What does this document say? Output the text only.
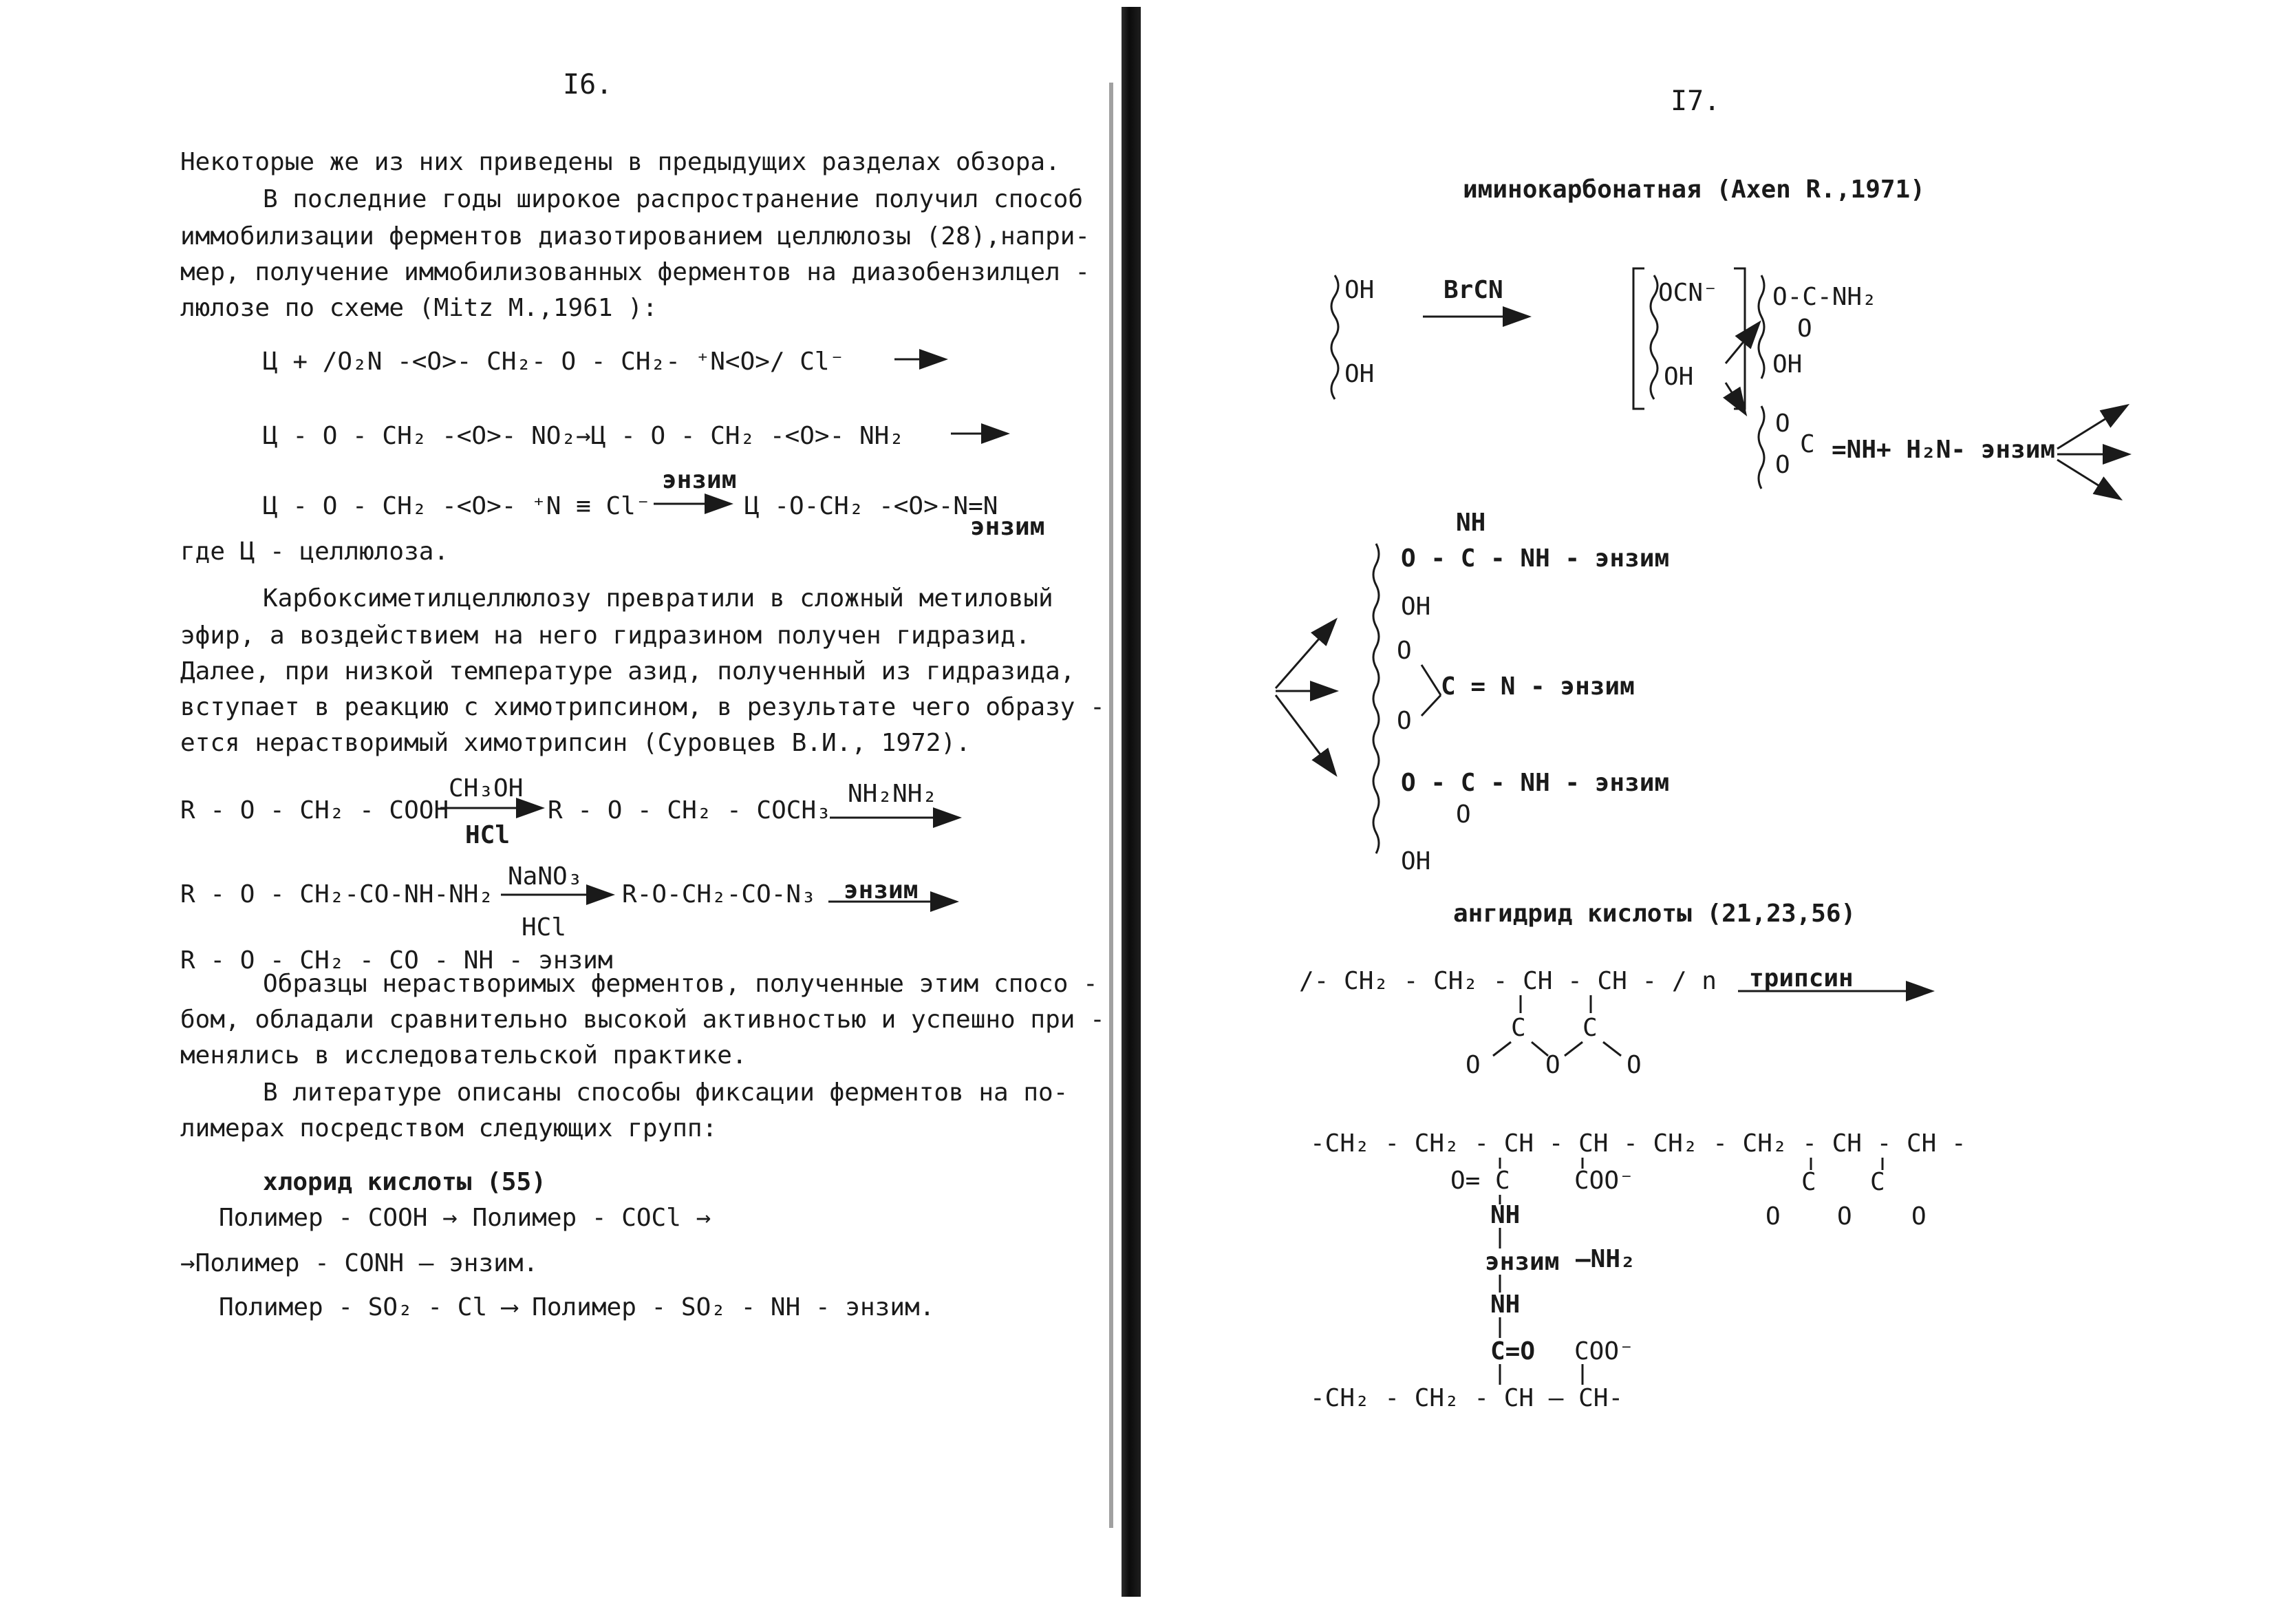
I6.
Некоторые же из них приведены в предыдущих разделах обзора.
В последние годы широкое распространение получил способ
иммобилизации ферментов диазотированием целлюлозы (28),напри-
мер, получение иммобилизованных ферментов на диазобензилцел -
люлозе по схеме (Mitz M.,1961 ):
Ц + /O₂N -<O>- CH₂- O - CH₂- ⁺N<O>/ Cl⁻
Ц - O - CH₂ -<O>- NO₂→Ц - O - CH₂ -<O>- NH₂
Ц - O - CH₂ -<O>- ⁺N ≡ Cl⁻
энзим
Ц -O-CH₂ -<O>-N=N
энзим
где Ц - целлюлоза.
Карбоксиметилцеллюлозу превратили в сложный метиловый
эфир, а воздействием на него гидразином получен гидразид.
Далее, при низкой температуре азид, полученный из гидразида,
вступает в реакцию с химотрипсином, в результате чего образу -
ется нерастворимый химотрипсин (Суровцев В.И., 1972).
R - O - CH₂ - COOH
CH₃OH
HCl
R - O - CH₂ - COCH₃
NH₂NH₂
R - O - CH₂-CO-NH-NH₂
NaNO₃
HCl
R-O-CH₂-CO-N₃ энзим
R - O - CH₂ - CO - NH - энзим
Образцы нерастворимых ферментов, полученные этим спосо -
бом, обладали сравнительно высокой активностью и успешно при -
менялись в исследовательской практике.
В литературе описаны способы фиксации ферментов на по-
лимерах посредством следующих групп:
хлорид кислоты (55)
Полимер - COOH → Полимер - COCl →
→Полимер - CONH — энзим.
Полимер - SO₂ - Cl ⟶ Полимер - SO₂ - NH - энзим.
I7.
иминокарбонатная (Axen R.,1971)
OH
OH
BrCN	OCN⁻
OH
O-C-NH₂
O
OH
O
C
O
=NH+ H₂N- энзим
NH
O - C - NH - энзим
OH
O
C = N - энзим
O
O - C - NH - энзим
O
OH
ангидрид кислоты (21,23,56)
/- CH₂ - CH₂ - CH - CH - / n трипсин
C C
O	O	O
-CH₂ - CH₂ - CH - CH - CH₂ - CH₂ - CH - CH -
O= C	COO⁻	C C
O O O
NH
энзим —NH₂
NH
C=O COO⁻
-CH₂ - CH₂ - CH — CH-
